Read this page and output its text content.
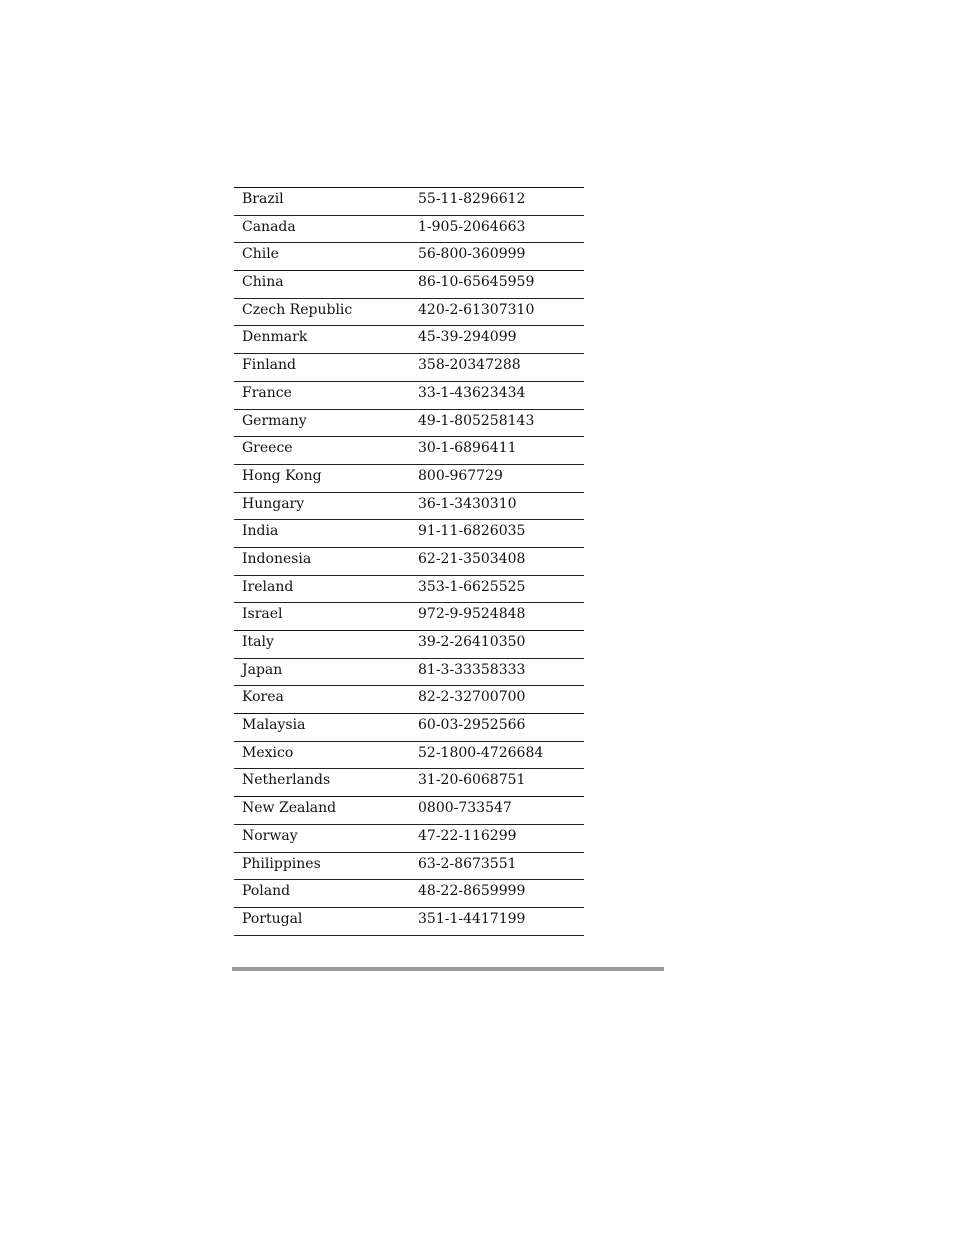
Brazil	55-11-8296612
Canada	1-905-2064663
Chile	56-800-360999
China	86-10-65645959
Czech Republic	420-2-61307310
Denmark	45-39-294099
Finland	358-20347288
France	33-1-43623434
Germany	49-1-805258143
Greece	30-1-6896411
Hong Kong	800-967729
Hungary	36-1-3430310
India	91-11-6826035
Indonesia	62-21-3503408
Ireland	353-1-6625525
Israel	972-9-9524848
Italy	39-2-26410350
Japan	81-3-33358333
Korea	82-2-32700700
Malaysia	60-03-2952566
Mexico	52-1800-4726684
Netherlands	31-20-6068751
New Zealand	0800-733547
Norway	47-22-116299
Philippines	63-2-8673551
Poland	48-22-8659999
Portugal	351-1-4417199
